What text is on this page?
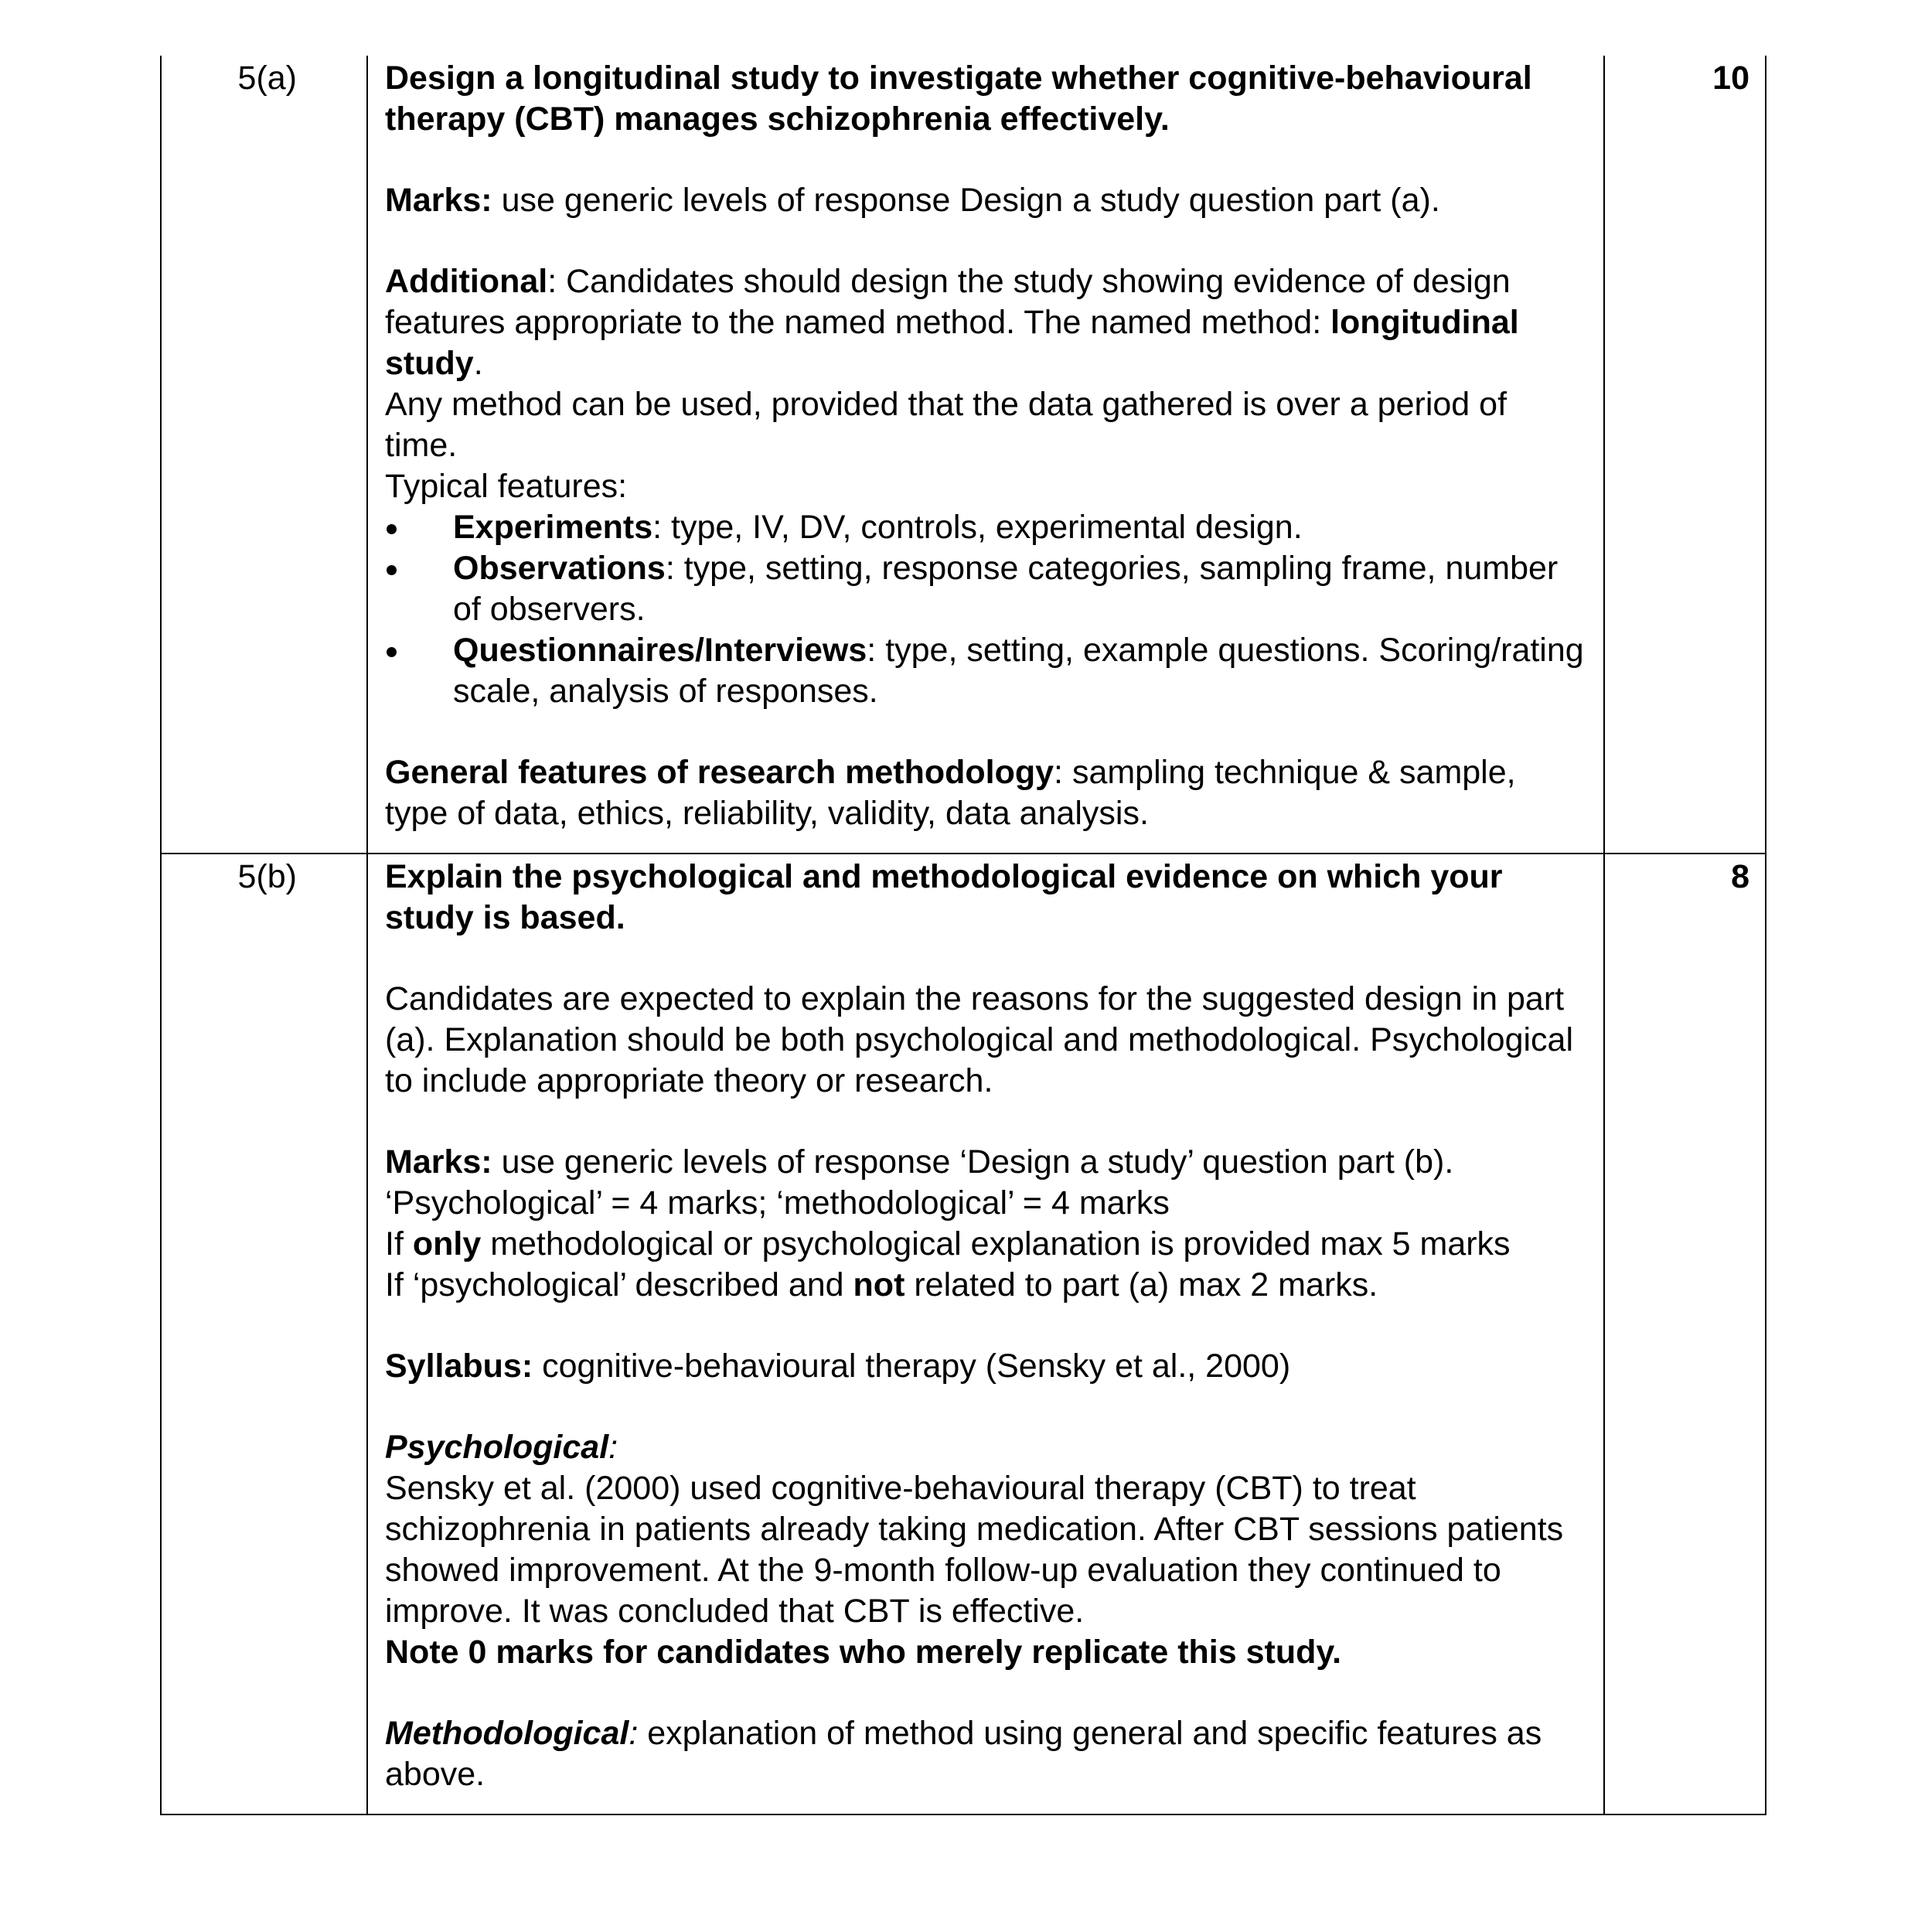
5(a)	Design a longitudinal study to investigate whether cognitive-behavioural therapy (CBT) manages schizophrenia effectively.

Marks: use generic levels of response Design a study question part (a).

Additional: Candidates should design the study showing evidence of design features appropriate to the named method. The named method: longitudinal study.

Any method can be used, provided that the data gathered is over a period of time.

Typical features:

Experiments: type, IV, DV, controls, experimental design.
Observations: type, setting, response categories, sampling frame, number of observers.
Questionnaires/Interviews: type, setting, example questions. Scoring/rating scale, analysis of responses.

General features of research methodology: sampling technique & sample, type of data, ethics, reliability, validity, data analysis.

10
5(b)	Explain the psychological and methodological evidence on which your study is based.

Candidates are expected to explain the reasons for the suggested design in part (a). Explanation should be both psychological and methodological. Psychological to include appropriate theory or research.

Marks: use generic levels of response ‘Design a study’ question part (b).

‘Psychological’ = 4 marks; ‘methodological’ = 4 marks

If only methodological or psychological explanation is provided max 5 marks

If ‘psychological’ described and not related to part (a) max 2 marks.

Syllabus: cognitive-behavioural therapy (Sensky et al., 2000)

Psychological:

Sensky et al. (2000) used cognitive-behavioural therapy (CBT) to treat schizophrenia in patients already taking medication. After CBT sessions patients showed improvement. At the 9-month follow-up evaluation they continued to improve. It was concluded that CBT is effective.

Note 0 marks for candidates who merely replicate this study.

Methodological: explanation of method using general and specific features as above.

8
